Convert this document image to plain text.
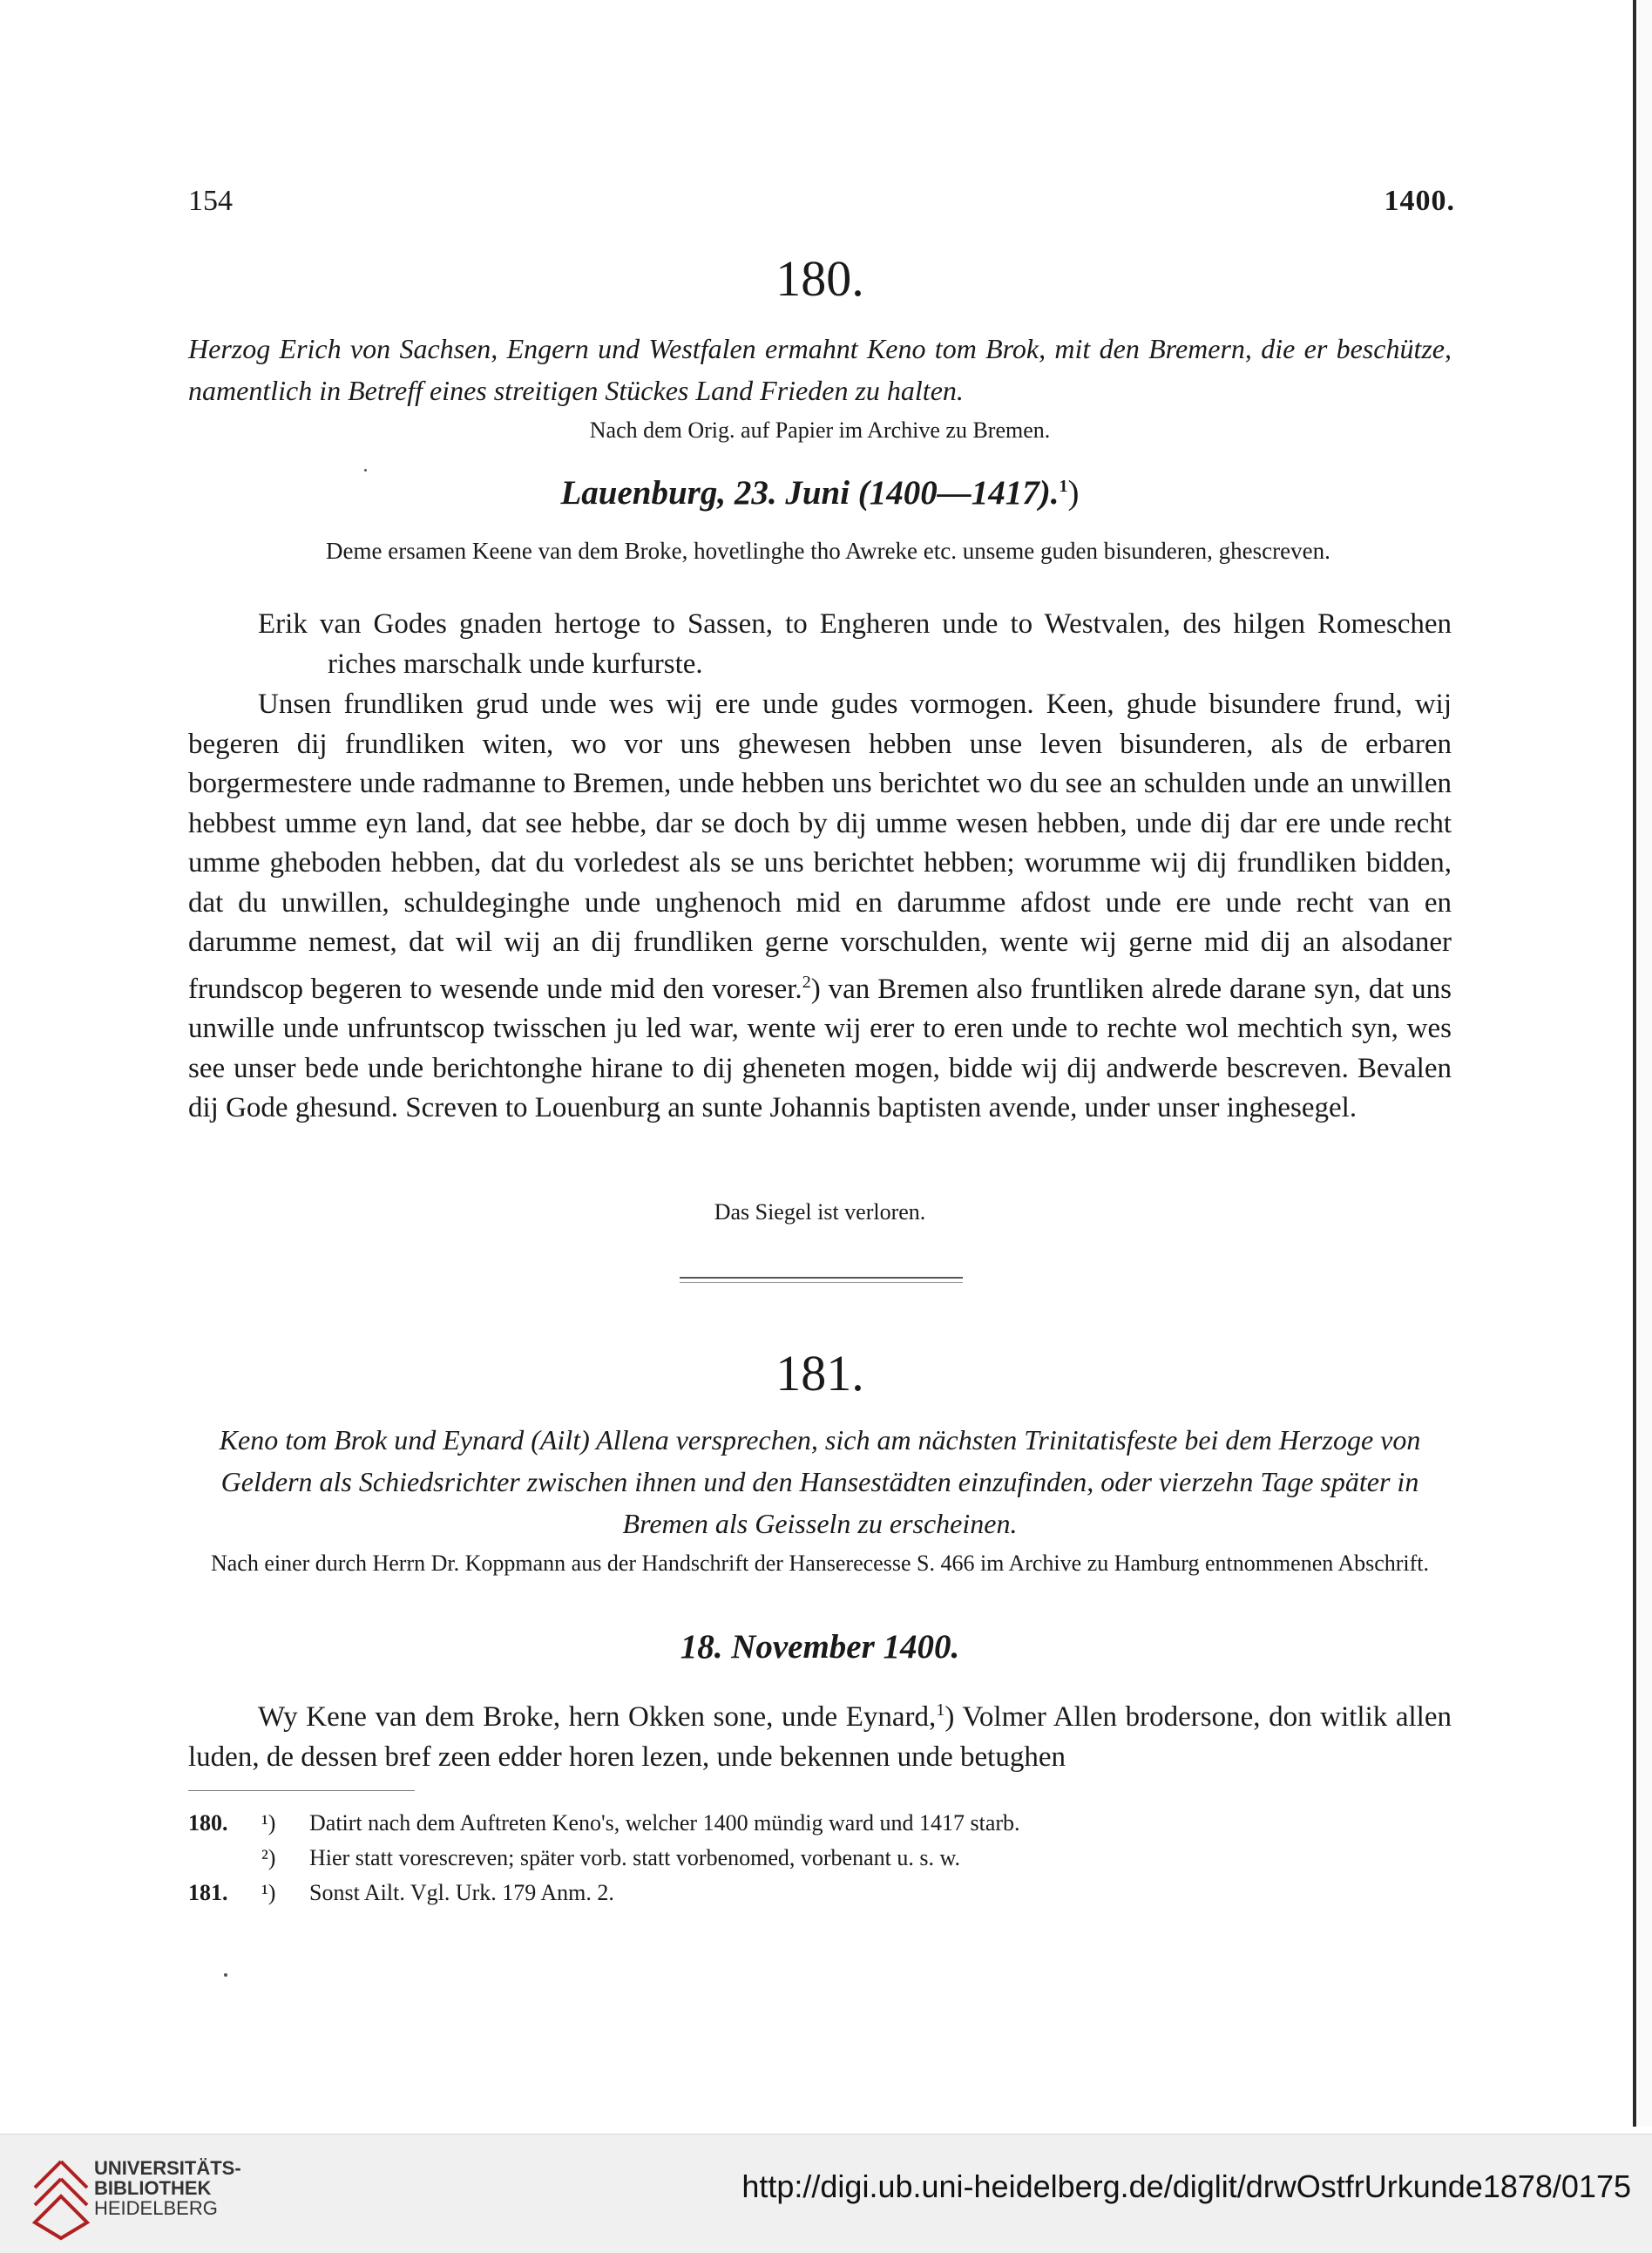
154	1400.
180.
Herzog Erich von Sachsen, Engern und Westfalen ermahnt Keno tom Brok, mit den Bremern, die er beschütze, namentlich in Betreff eines streitigen Stückes Land Frieden zu halten.
Nach dem Orig. auf Papier im Archive zu Bremen.
Lauenburg, 23. Juni (1400—1417).$^1$)
Deme ersamen Keene van dem Broke, hovetlinghe tho Awreke etc. unseme guden bisunderen, ghescreven.
Erik van Godes gnaden hertoge to Sassen, to Engheren unde to Westvalen, des hilgen Romeschen riches marschalk unde kurfurste.
Unsen frundliken grud unde wes wij ere unde gudes vormogen. Keen, ghude bisundere frund, wij begeren dij frundliken witen, wo vor uns ghewesen hebben unse leven bisunderen, als de erbaren borgermestere unde radmanne to Bremen, unde hebben uns berichtet wo du see an schulden unde an unwillen hebbest umme eyn land, dat see hebbe, dar se doch by dij umme wesen hebben, unde dij dar ere unde recht umme gheboden hebben, dat du vorledest als se uns berichtet hebben; worumme wij dij frundliken bidden, dat du unwillen, schuldeginghe unde unghenoch mid en darumme afdost unde ere unde recht van en darumme nemest, dat wil wij an dij frundliken gerne vorschulden, wente wij gerne mid dij an alsodaner frundscop begeren to wesende unde mid den voreser.$^2$) van Bremen also fruntliken alrede darane syn, dat uns unwille unde unfruntscop twisschen ju led war, wente wij erer to eren unde to rechte wol mechtich syn, wes see unser bede unde berichtonghe hirane to dij gheneten mogen, bidde wij dij andwerde bescreven. Bevalen dij Gode ghesund. Screven to Louenburg an sunte Johannis baptisten avende, under unser inghesegel.
Das Siegel ist verloren.
181.
Keno tom Brok und Eynard (Ailt) Allena versprechen, sich am nächsten Trinitatisfeste bei dem Herzoge von Geldern als Schiedsrichter zwischen ihnen und den Hansestädten einzufinden, oder vierzehn Tage später in Bremen als Geisseln zu erscheinen.
Nach einer durch Herrn Dr. Koppmann aus der Handschrift der Hanserecesse S. 466 im Archive zu Hamburg entnommenen Abschrift.
18. November 1400.
Wy Kene van dem Broke, hern Okken sone, unde Eynard,$^1$) Volmer Allen brodersone, don witlik allen luden, de dessen bref zeen edder horen lezen, unde bekennen unde betughen
180.	¹)	Datirt nach dem Auftreten Keno's, welcher 1400 mündig ward und 1417 starb.
²)	Hier statt vorescreven; später vorb. statt vorbenomed, vorbenant u. s. w.
181.	¹)	Sonst Ailt. Vgl. Urk. 179 Anm. 2.
UNIVERSITÄTS-
BIBLIOTHEK
HEIDELBERG
http://digi.ub.uni-heidelberg.de/diglit/drwOstfrUrkunde1878/0175
